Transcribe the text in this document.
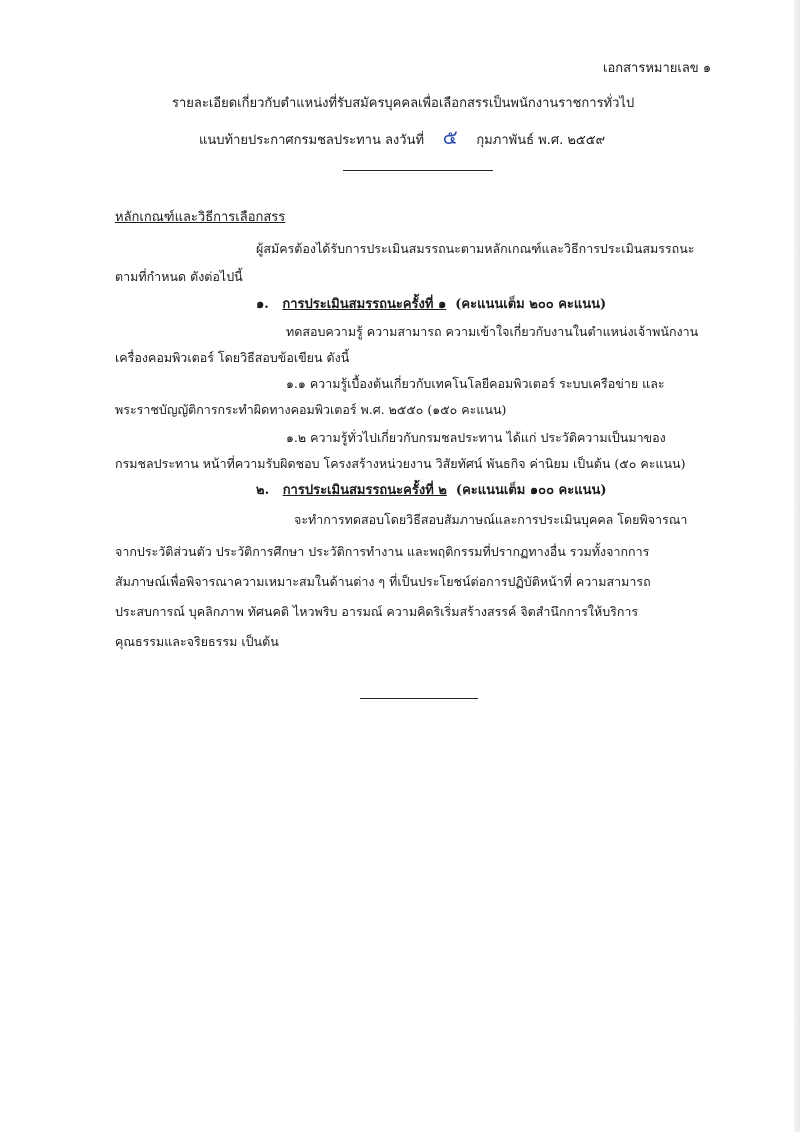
เอกสารหมายเลข ๑
รายละเอียดเกี่ยวกับตำแหน่งที่รับสมัครบุคคลเพื่อเลือกสรรเป็นพนักงานราชการทั่วไป
แนบท้ายประกาศกรมชลประทาน ลงวันที่ ๕ กุมภาพันธ์ พ.ศ. ๒๕๕๙
หลักเกณฑ์และวิธีการเลือกสรร
ผู้สมัครต้องได้รับการประเมินสมรรถนะตามหลักเกณฑ์และวิธีการประเมินสมรรถนะ
ตามที่กำหนด ดังต่อไปนี้
๑. การประเมินสมรรถนะครั้งที่ ๑ (คะแนนเต็ม ๒๐๐ คะแนน)
ทดสอบความรู้ ความสามารถ ความเข้าใจเกี่ยวกับงานในตำแหน่งเจ้าพนักงาน
เครื่องคอมพิวเตอร์ โดยวิธีสอบข้อเขียน ดังนี้
๑.๑ ความรู้เบื้องต้นเกี่ยวกับเทคโนโลยีคอมพิวเตอร์ ระบบเครือข่าย และ
พระราชบัญญัติการกระทำผิดทางคอมพิวเตอร์ พ.ศ. ๒๕๕๐ (๑๕๐ คะแนน)
๑.๒ ความรู้ทั่วไปเกี่ยวกับกรมชลประทาน ได้แก่ ประวัติความเป็นมาของ
กรมชลประทาน หน้าที่ความรับผิดชอบ โครงสร้างหน่วยงาน วิสัยทัศน์ พันธกิจ ค่านิยม เป็นต้น (๕๐ คะแนน)
๒. การประเมินสมรรถนะครั้งที่ ๒ (คะแนนเต็ม ๑๐๐ คะแนน)
จะทำการทดสอบโดยวิธีสอบสัมภาษณ์และการประเมินบุคคล โดยพิจารณา
จากประวัติส่วนตัว ประวัติการศึกษา ประวัติการทำงาน และพฤติกรรมที่ปรากฏทางอื่น รวมทั้งจากการ
สัมภาษณ์เพื่อพิจารณาความเหมาะสมในด้านต่าง ๆ ที่เป็นประโยชน์ต่อการปฏิบัติหน้าที่ ความสามารถ
ประสบการณ์ บุคลิกภาพ ทัศนคติ ไหวพริบ อารมณ์ ความคิดริเริ่มสร้างสรรค์ จิตสำนึกการให้บริการ
คุณธรรมและจริยธรรม เป็นต้น
